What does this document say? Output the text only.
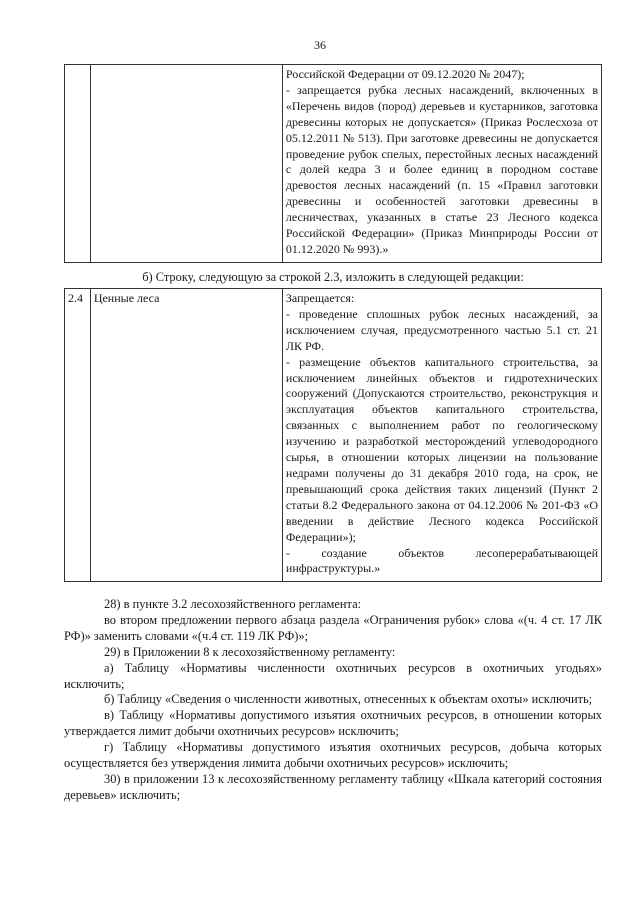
36

Российской Федерации от 09.12.2020 № 2047);
- запрещается рубка лесных насаждений, включенных в «Перечень видов (пород) деревьев и кустарников, заготовка древесины которых не допускается» (Приказ Рослесхоза от 05.12.2011 № 513). При заготовке древесины не допускается проведение рубок спелых, перестойных лесных насаждений с долей кедра 3 и более единиц в породном составе древостоя лесных насаждений (п. 15 «Правил заготовки древесины и особенностей заготовки древесины в лесничествах, указанных в статье 23 Лесного кодекса Российской Федерации» (Приказ Минприроды России от 01.12.2020 № 993).»
б) Строку, следующую за строкой 2.3, изложить в следующей редакции:
2.4	Ценные леса	Запрещается:
- проведение сплошных рубок лесных насаждений, за исключением случая, предусмотренного частью 5.1 ст. 21 ЛК РФ.
- размещение объектов капитального строительства, за исключением линейных объектов и гидротехнических сооружений (Допускаются строительство, реконструкция и эксплуатация объектов капитального строительства, связанных с выполнением работ по геологическому изучению и разработкой месторождений углеводородного сырья, в отношении которых лицензии на пользование недрами получены до 31 декабря 2010 года, на срок, не превышающий срока действия таких лицензий (Пункт 2 статьи 8.2 Федерального закона от 04.12.2006 № 201-ФЗ «О введении в действие Лесного кодекса Российской Федерации»);
- создание объектов лесоперерабатывающей инфраструктуры.»

28) в пункте 3.2 лесохозяйственного регламента:

во втором предложении первого абзаца раздела «Ограничения рубок» слова «(ч. 4 ст. 17 ЛК РФ)» заменить словами «(ч.4 ст. 119 ЛК РФ)»;

29) в Приложении 8 к лесохозяйственному регламенту:

а) Таблицу «Нормативы численности охотничьих ресурсов в охотничьих угодьях» исключить;

б) Таблицу «Сведения о численности животных, отнесенных к объектам охоты» исключить;

в) Таблицу «Нормативы допустимого изъятия охотничьих ресурсов, в отношении которых утверждается лимит добычи охотничьих ресурсов» исключить;

г) Таблицу «Нормативы допустимого изъятия охотничьих ресурсов, добыча которых осуществляется без утверждения лимита добычи охотничьих ресурсов» исключить;

30) в приложении 13 к лесохозяйственному регламенту таблицу «Шкала категорий состояния деревьев» исключить;
